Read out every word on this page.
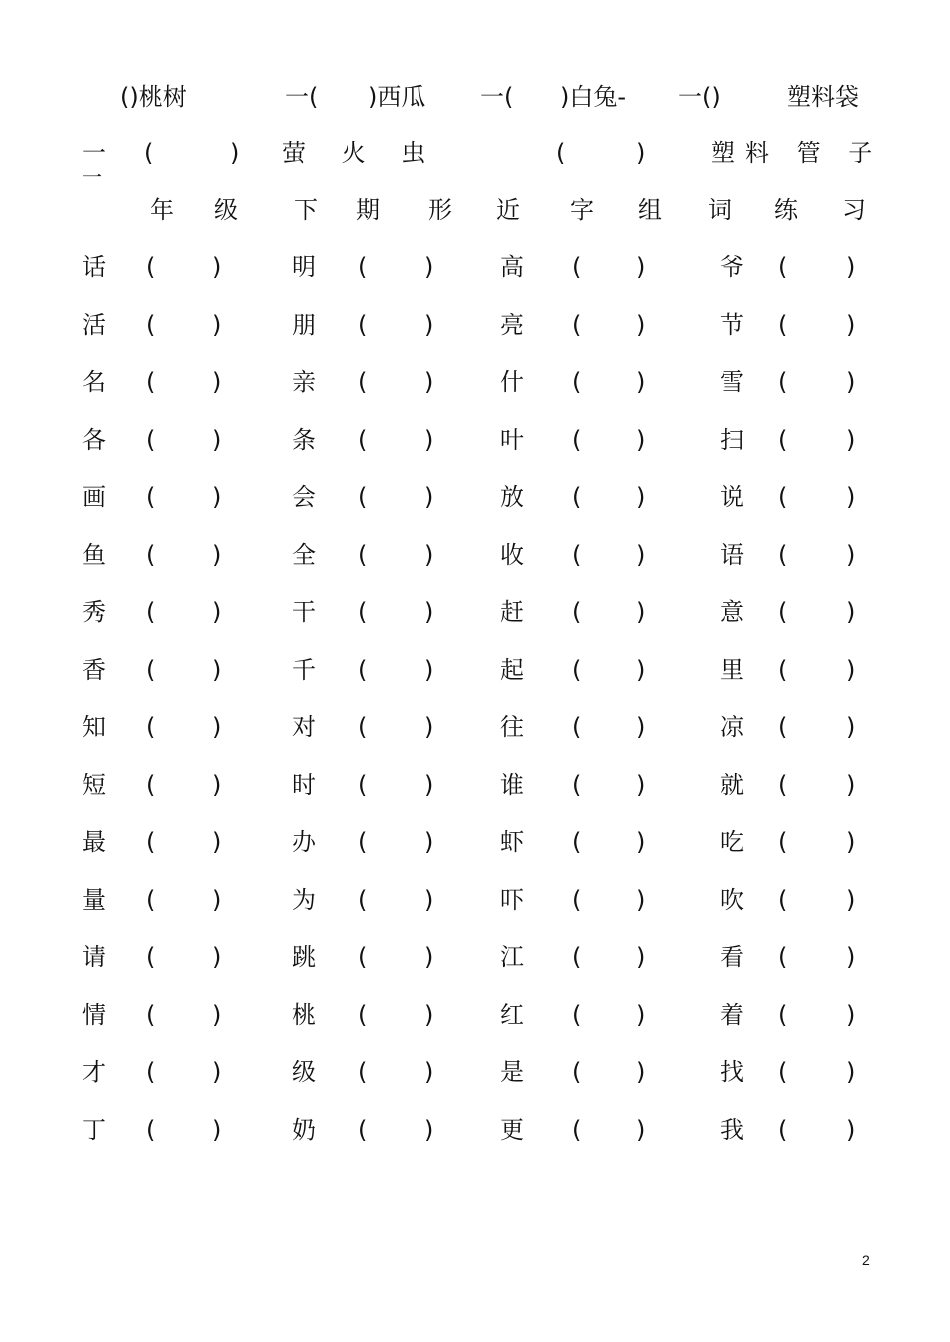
()桃树	一( )西瓜 一( )白兔- 一()	塑料袋
一
一
(	) 萤 火 虫	(	)	塑料 管 子
年 级 下 期 形 近 字 组 词 练 习
话 ( )	明 ( )	高 ( )	爷 ( )
活 ( )	朋 ( )	亮 ( )	节 ( )
名 ( )	亲 ( )	什 ( )	雪 ( )
各 ( )	条 ( )	叶 ( )	扫 ( )
画 ( )	会 ( )	放 ( )	说 ( )
鱼 ( )	全 ( )	收 ( )	语 ( )
秀 ( )	干 ( )	赶 ( )	意 ( )
香 ( )	千 ( )	起 ( )	里 ( )
知 ( )	对 ( )	往 ( )	凉 ( )
短 ( )	时 ( )	谁 ( )	就 ( )
最 ( )	办 ( )	虾 ( )	吃 ( )
量 ( )	为 ( )	吓 ( )	吹 ( )
请 ( )	跳 ( )	江 ( )	看 ( )
情 ( )	桃 ( )	红 ( )	着 ( )
才 ( )	级 ( )	是 ( )	找 ( )
丁 ( )	奶 ( )	更 ( )	我 ( )
2
